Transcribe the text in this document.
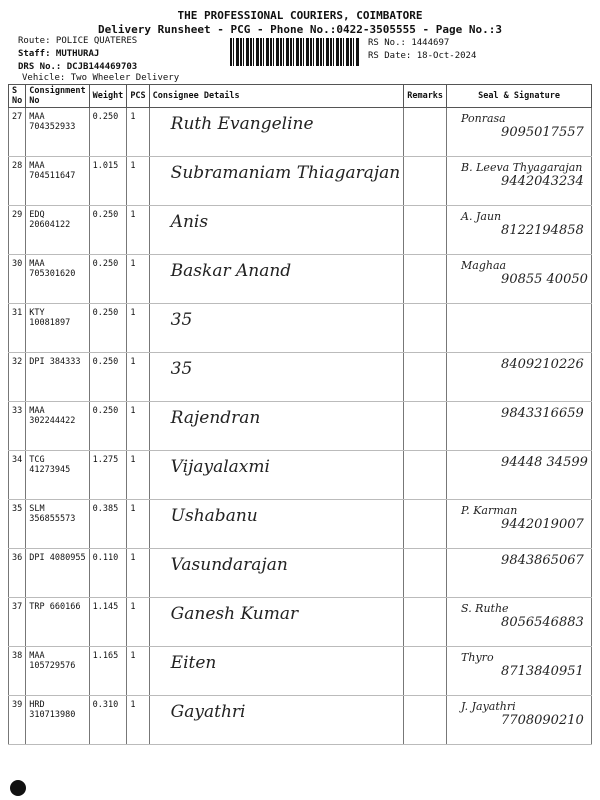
THE PROFESSIONAL COURIERS, COIMBATORE
Delivery Runsheet - PCG - Phone No.:0422-3505555 - Page No.:3
Route: POLICE QUATERES
Staff: MUTHURAJ
DRS No.: DCJB144469703
Vehicle: Two Wheeler Delivery
RS No.: 1444697
RS Date: 18-Oct-2024
S No	Consignment No	Weight	PCS	Consignee Details	Remarks	Seal & Signature
27	MAA 704352933	0.250	1	Ruth Evangeline		Ponrasa
9095017557

28	MAA 704511647	1.015	1	Subramaniam Thiagarajan		B. Leeva Thyagarajan
9442043234

29	EDQ 20604122	0.250	1	Anis		A. Jaun
8122194858

30	MAA 705301620	0.250	1	Baskar Anand		Maghaa
90855 40050

31	KTY 10081897	0.250	1	35		

32	DPI 384333	0.250	1	35		8409210226

33	MAA 302244422	0.250	1	Rajendran		9843316659

34	TCG 41273945	1.275	1	Vijayalaxmi		94448 34599

35	SLM 356855573	0.385	1	Ushabanu		P. Karman
9442019007

36	DPI 4080955	0.110	1	Vasundarajan		9843865067

37	TRP 660166	1.145	1	Ganesh Kumar		S. Ruthe
8056546883

38	MAA 105729576	1.165	1	Eiten		Thyro
8713840951

39	HRD 310713980	0.310	1	Gayathri		J. Jayathri
7708090210
